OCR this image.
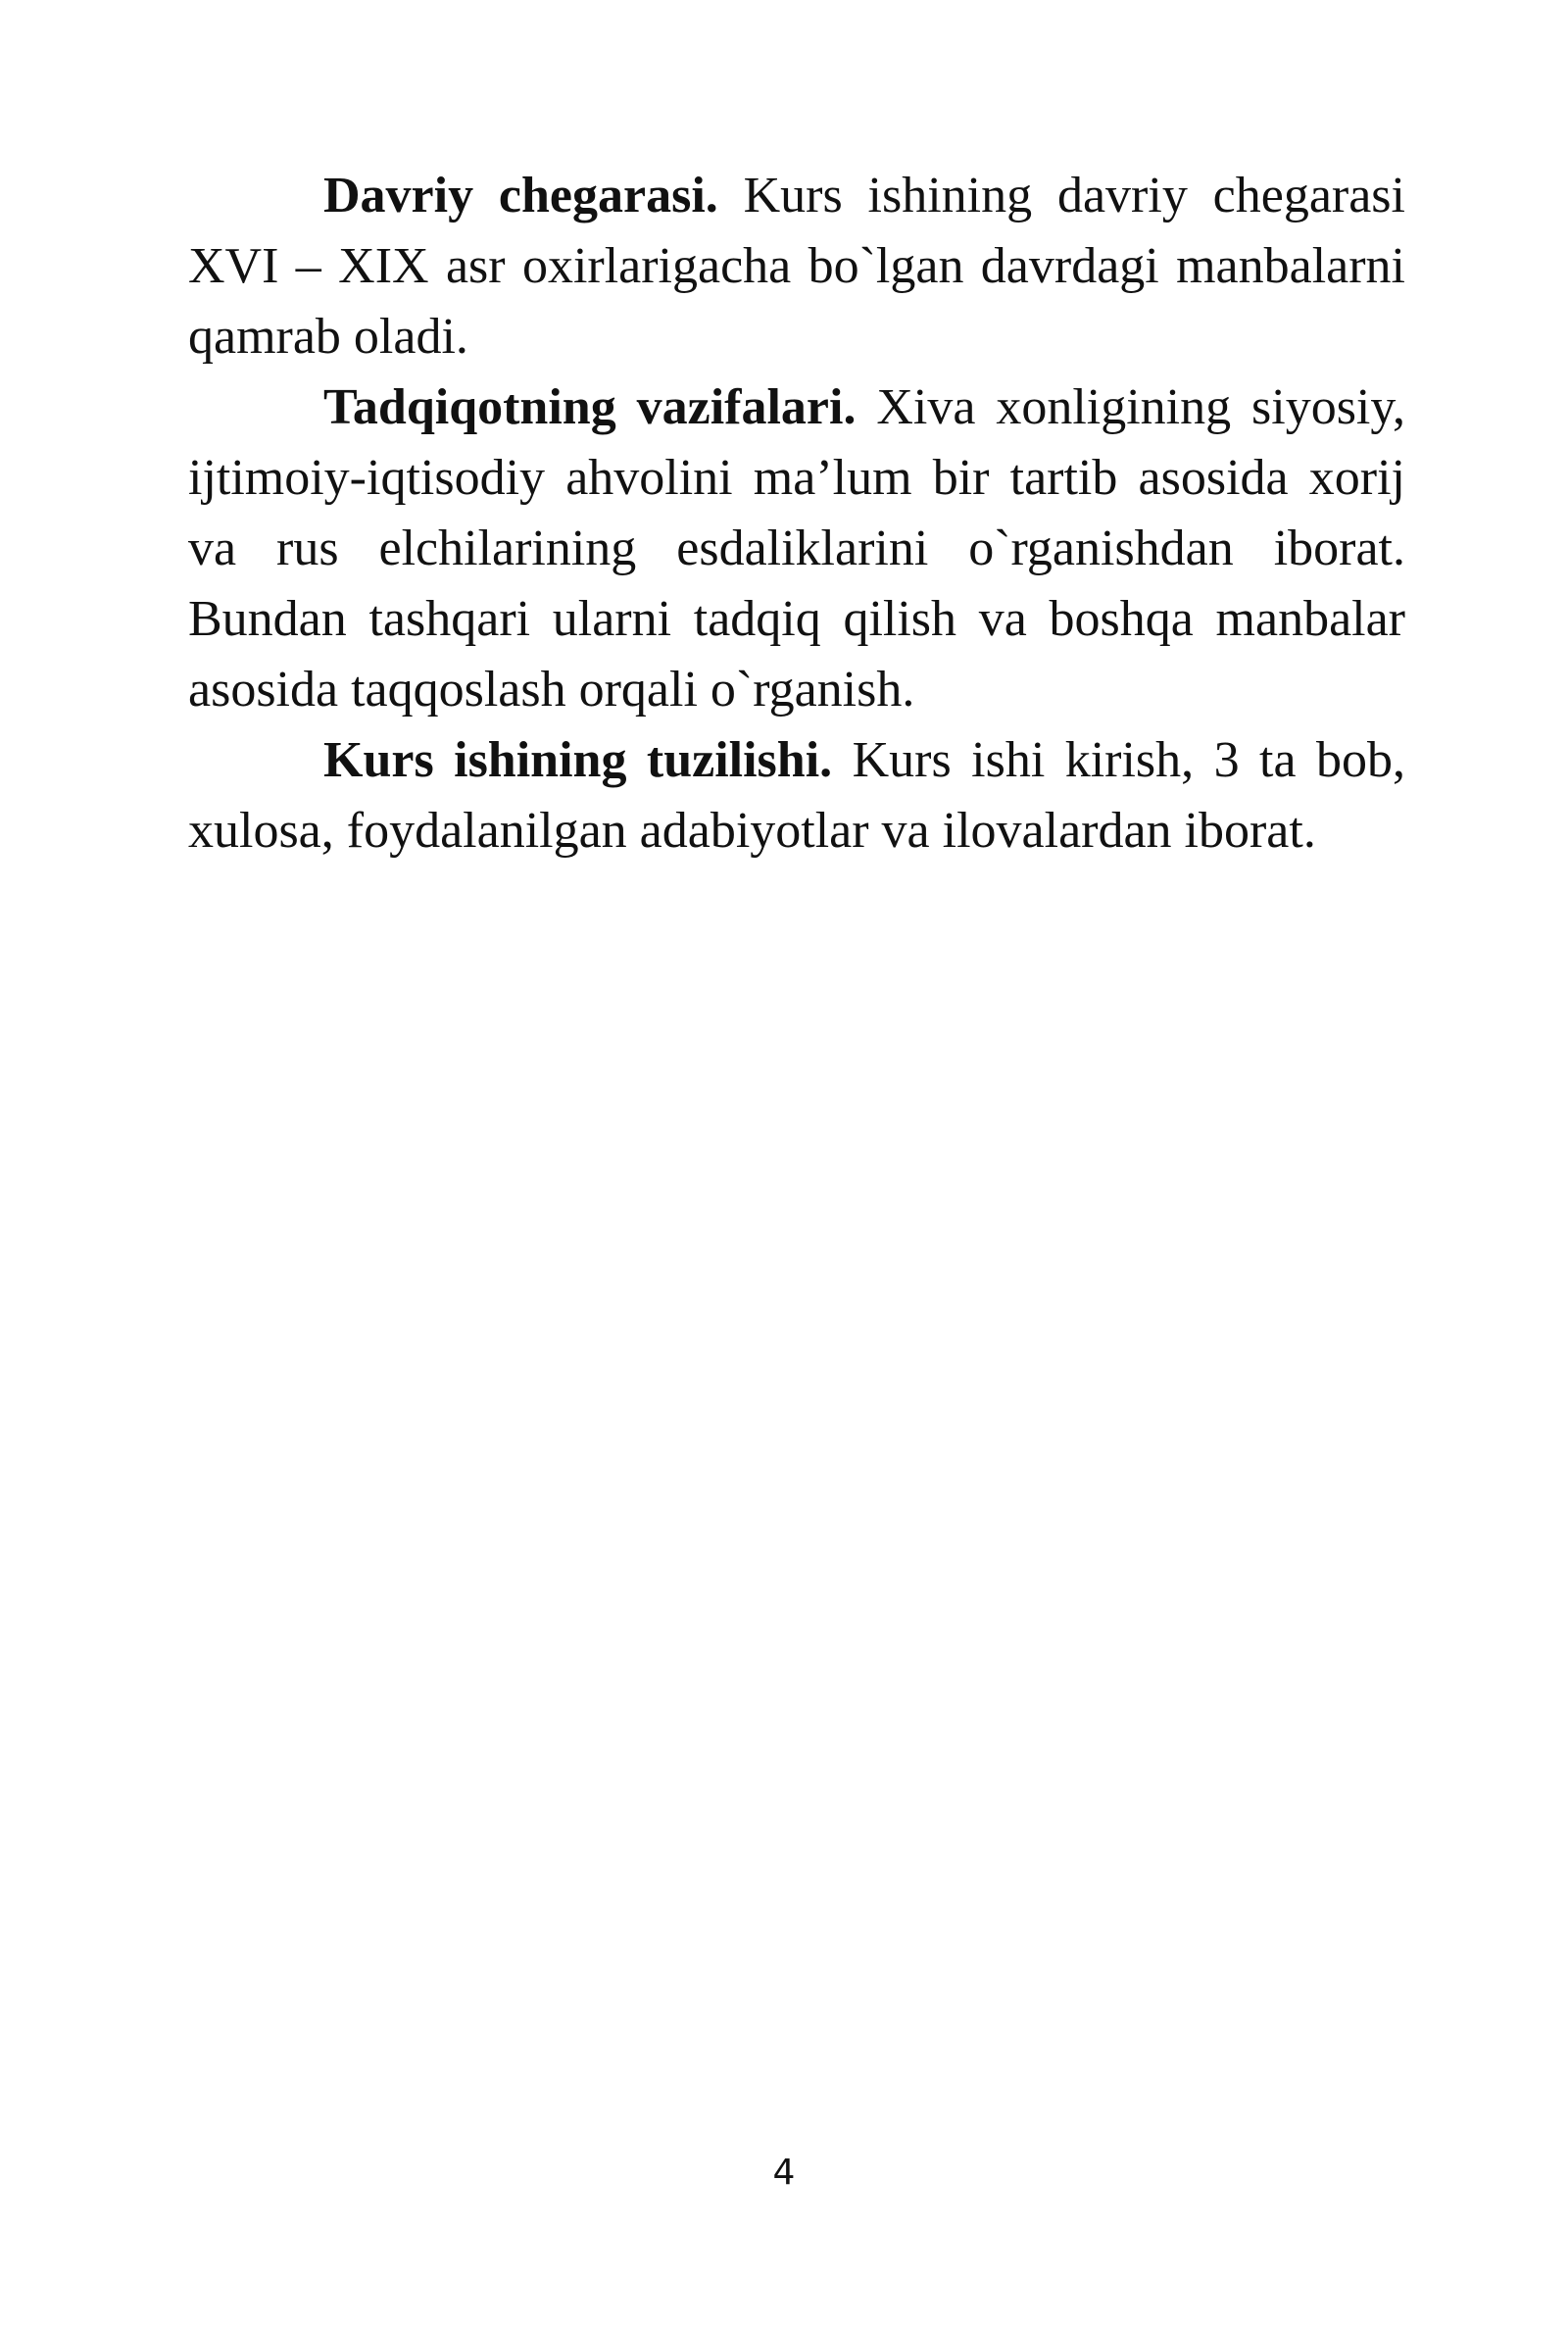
Davriy chegarasi. Kurs ishining davriy chegarasi XVI – XIX asr oxirlarigacha bo`lgan davrdagi manbalarni qamrab oladi.

Tadqiqotning vazifalari. Xiva xonligining siyosiy, ijtimoiy-iqtisodiy ahvolini ma’lum bir tartib asosida xorij va rus elchilarining esdaliklarini o`rganishdan iborat. Bundan tashqari ularni tadqiq qilish va boshqa manbalar asosida taqqoslash orqali o`rganish.

Kurs ishining tuzilishi. Kurs ishi kirish, 3 ta bob, xulosa, foydalanilgan adabiyotlar va ilovalardan iborat.

4
